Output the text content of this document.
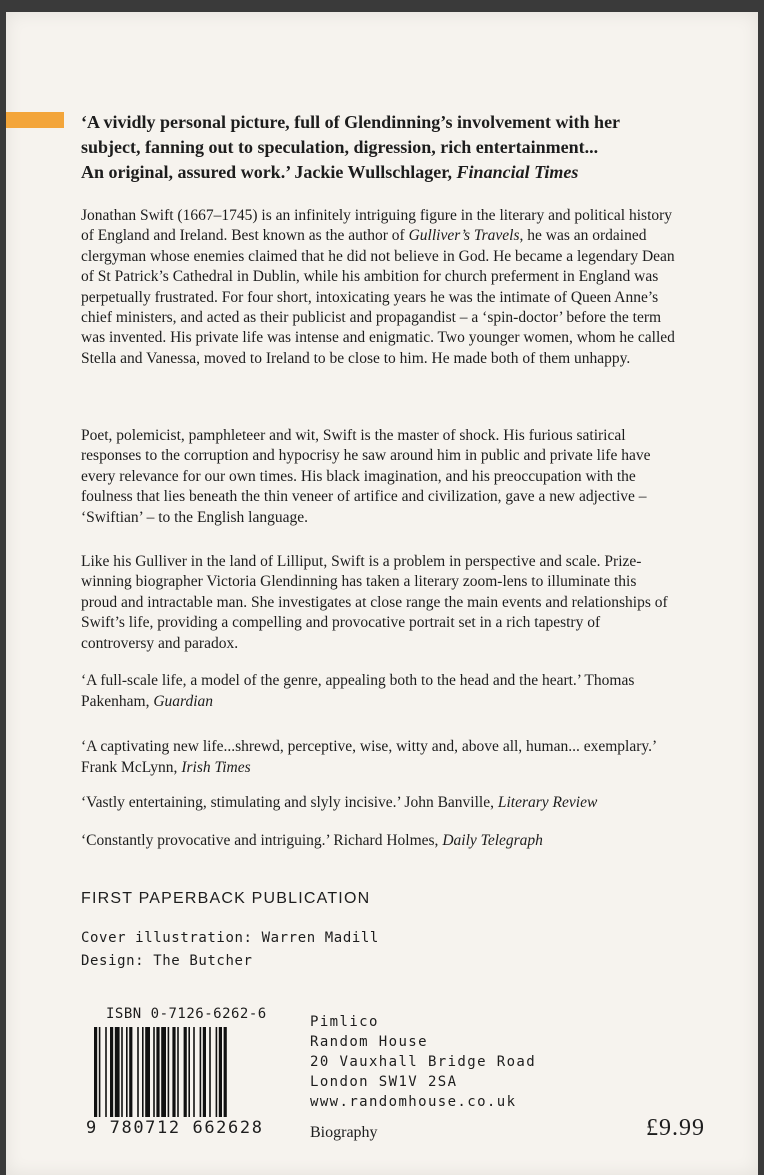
‘A vividly personal picture, full of Glendinning’s involvement with her
subject, fanning out to speculation, digression, rich entertainment...
An original, assured work.’ Jackie Wullschlager, Financial Times
Jonathan Swift (1667–1745) is an infinitely intriguing figure in the literary and political history of England and Ireland. Best known as the author of Gulliver’s Travels, he was an ordained clergyman whose enemies claimed that he did not believe in God. He became a legendary Dean of St Patrick’s Cathedral in Dublin, while his ambition for church preferment in England was perpetually frustrated. For four short, intoxicating years he was the intimate of Queen Anne’s chief ministers, and acted as their publicist and propagandist – a ‘spin-doctor’ before the term was invented. His private life was intense and enigmatic. Two younger women, whom he called Stella and Vanessa, moved to Ireland to be close to him. He made both of them unhappy.
Poet, polemicist, pamphleteer and wit, Swift is the master of shock. His furious satirical responses to the corruption and hypocrisy he saw around him in public and private life have every relevance for our own times. His black imagination, and his preoccupation with the foulness that lies beneath the thin veneer of artifice and civilization, gave a new adjective – ‘Swiftian’ – to the English language.
Like his Gulliver in the land of Lilliput, Swift is a problem in perspective and scale. Prize-winning biographer Victoria Glendinning has taken a literary zoom-lens to illuminate this proud and intractable man. She investigates at close range the main events and relationships of Swift’s life, providing a compelling and provocative portrait set in a rich tapestry of controversy and paradox.
‘A full-scale life, a model of the genre, appealing both to the head and the heart.’ Thomas Pakenham, Guardian
‘A captivating new life...shrewd, perceptive, wise, witty and, above all, human... exemplary.’ Frank McLynn, Irish Times
‘Vastly entertaining, stimulating and slyly incisive.’ John Banville, Literary Review
‘Constantly provocative and intriguing.’ Richard Holmes, Daily Telegraph
FIRST PAPERBACK PUBLICATION
Cover illustration: Warren Madill
Design: The Butcher
ISBN 0-7126-6262-6
9 780712 662628
Pimlico
Random House
20 Vauxhall Bridge Road
London SW1V 2SA
www.randomhouse.co.uk
Biography	£9.99
